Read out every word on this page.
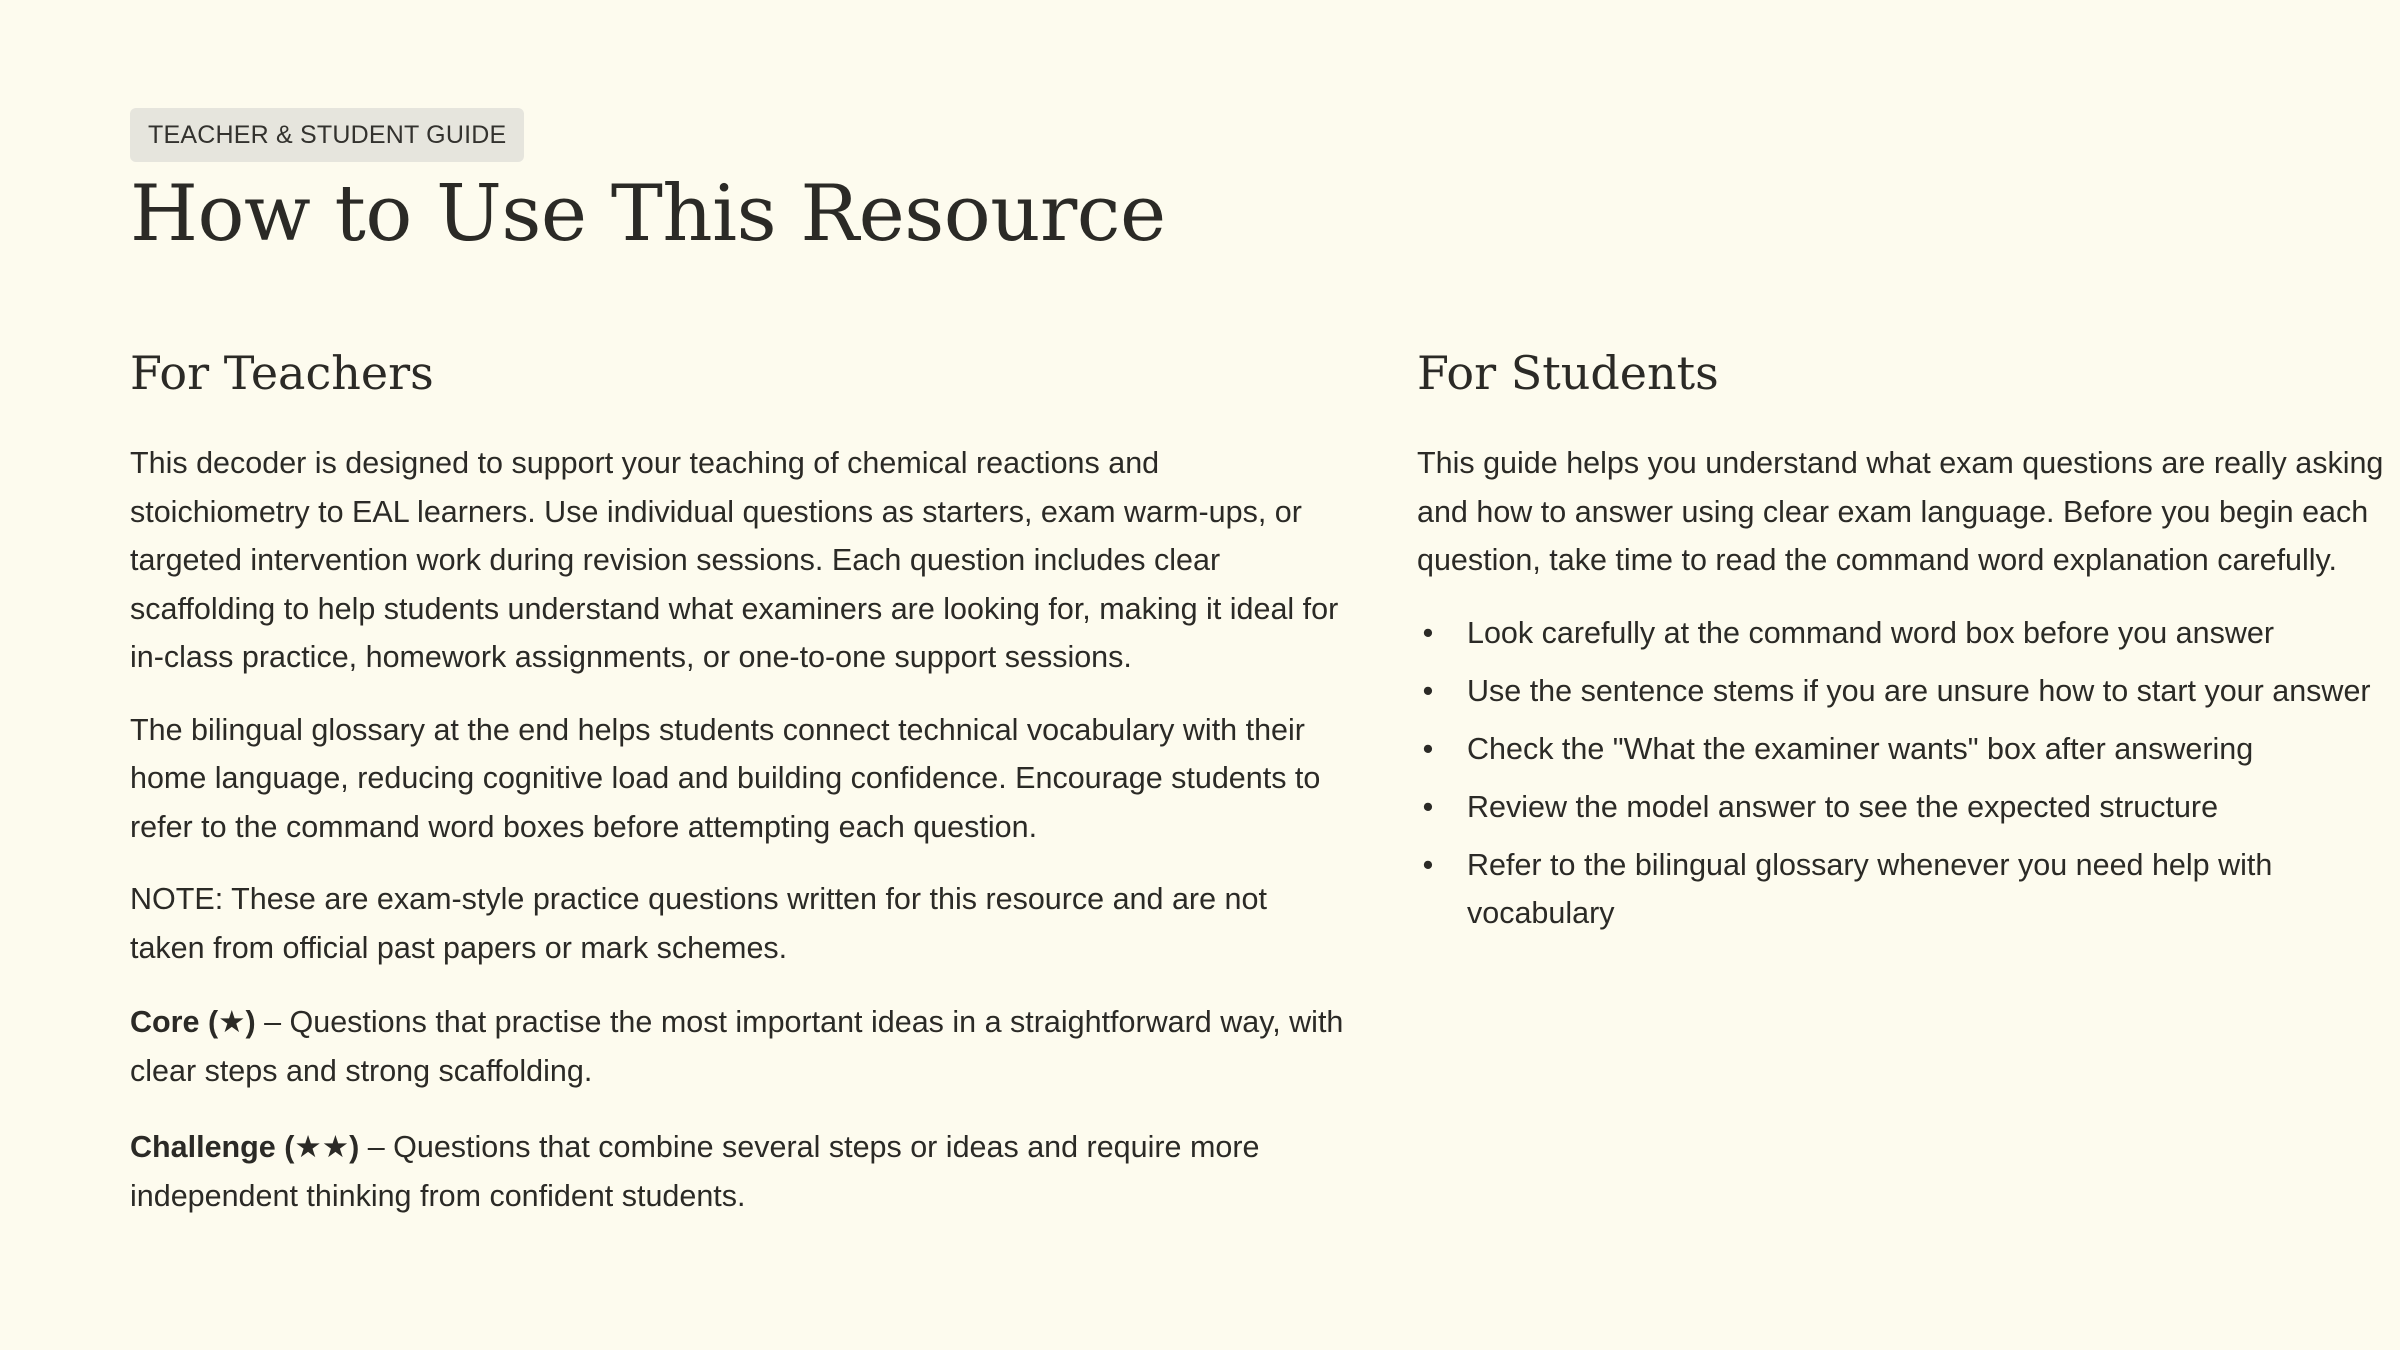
TEACHER & STUDENT GUIDE
How to Use This Resource
For Teachers

This decoder is designed to support your teaching of chemical reactions and stoichiometry to EAL learners. Use individual questions as starters, exam warm-ups, or targeted intervention work during revision sessions. Each question includes clear scaffolding to help students understand what examiners are looking for, making it ideal for in-class practice, homework assignments, or one-to-one support sessions.

The bilingual glossary at the end helps students connect technical vocabulary with their home language, reducing cognitive load and building confidence. Encourage students to refer to the command word boxes before attempting each question.

NOTE: These are exam-style practice questions written for this resource and are not taken from official past papers or mark schemes.

Core (★) – Questions that practise the most important ideas in a straightforward way, with clear steps and strong scaffolding.

Challenge (★★) – Questions that combine several steps or ideas and require more independent thinking from confident students.

For Students

This guide helps you understand what exam questions are really asking and how to answer using clear exam language. Before you begin each question, take time to read the command word explanation carefully.

• Look carefully at the command word box before you answer
• Use the sentence stems if you are unsure how to start your answer
• Check the "What the examiner wants" box after answering
• Review the model answer to see the expected structure
• Refer to the bilingual glossary whenever you need help with vocabulary
